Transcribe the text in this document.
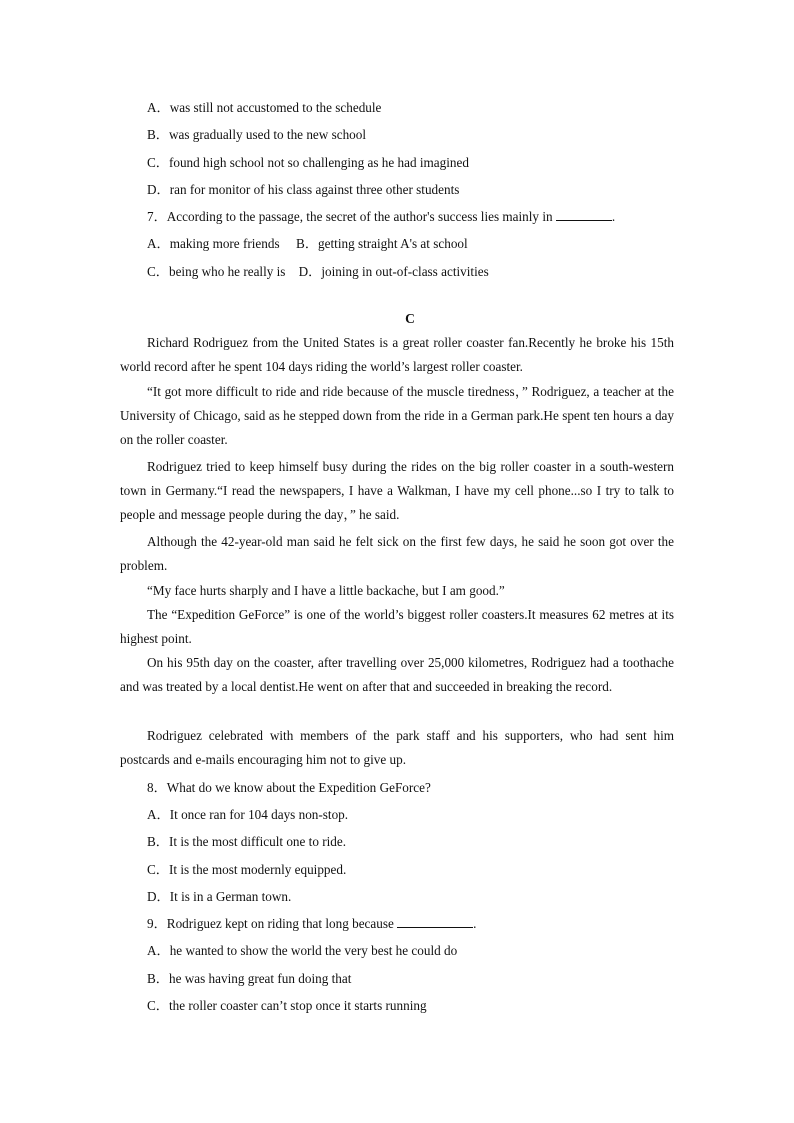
A．was still not accustomed to the schedule
B．was gradually used to the new school
C．found high school not so challenging as he had imagined
D．ran for monitor of his class against three other students
7．According to the passage, the secret of the author's success lies mainly in	.
A．making more friends　 B．getting straight A's at school
C．being who he really is　D．joining in out-of-class activities
C
Richard Rodriguez from the United States is a great roller coaster fan.Recently he broke his 15th world record after he spent 104 days riding the world’s largest roller coaster.
“It got more difficult to ride and ride because of the muscle tiredness，” Rodriguez, a teacher at the University of Chicago, said as he stepped down from the ride in a German park.He spent ten hours a day on the roller coaster.
Rodriguez tried to keep himself busy during the rides on the big roller coaster in a south-western town in Germany.“I read the newspapers, I have a Walkman, I have my cell phone...so I try to talk to people and message people during the day，” he said.
Although the 42-year-old man said he felt sick on the first few days, he said he soon got over the problem.
“My face hurts sharply and I have a little backache, but I am good.”
The “Expedition GeForce” is one of the world’s biggest roller coasters.It measures 62 metres at its highest point.
On his 95th day on the coaster, after travelling over 25,000 kilometres, Rodriguez had a toothache and was treated by a local dentist.He went on after that and succeeded in breaking the record.
Rodriguez celebrated with members of the park staff and his supporters, who had sent him postcards and e-mails encouraging him not to give up.
8．What do we know about the Expedition GeForce?
A．It once ran for 104 days non-stop.
B．It is the most difficult one to ride.
C．It is the most modernly equipped.
D．It is in a German town.
9．Rodriguez kept on riding that long because	.
A．he wanted to show the world the very best he could do
B．he was having great fun doing that
C．the roller coaster can’t stop once it starts running
